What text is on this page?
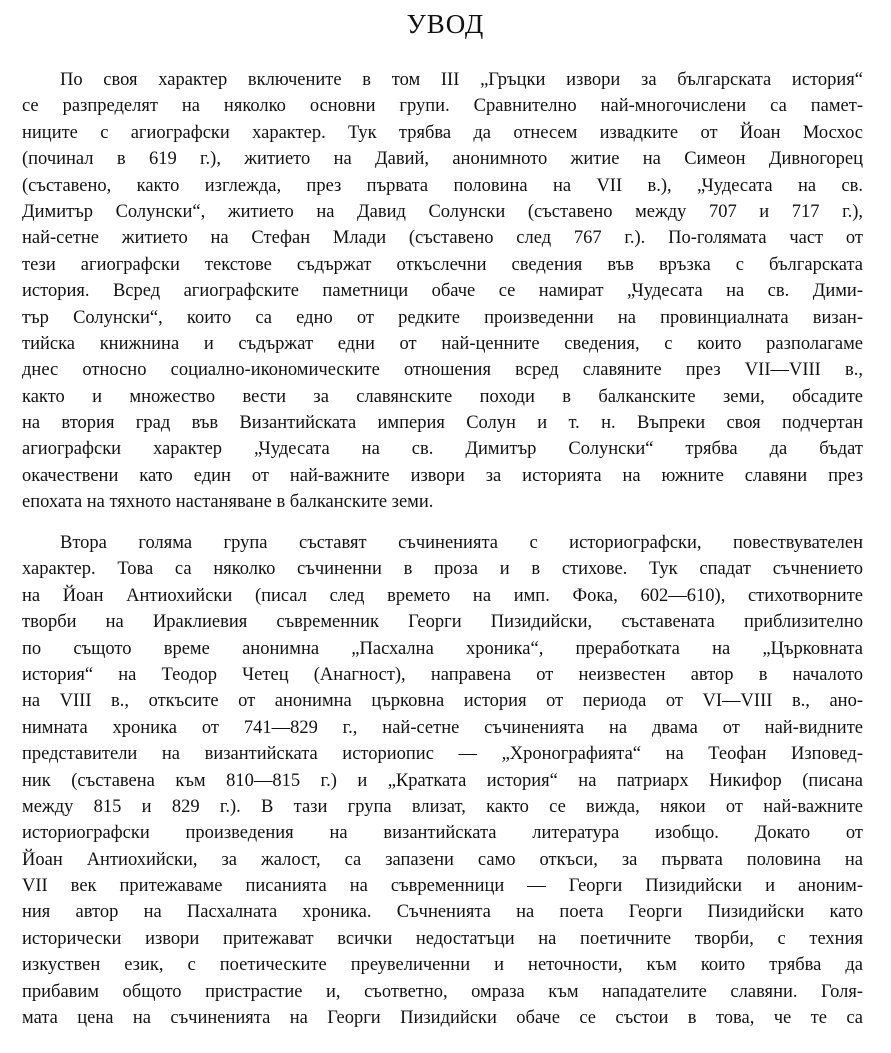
УВОД
По своя характер включените в том III „Гръцки извори за българската история“
се разпределят на няколко основни групи. Сравнително най-многочислени са памет-
ниците с агиографски характер. Тук трябва да отнесем извадките от Йоан Мосхос
(починал в 619 г.), житието на Давий, анонимното житие на Симеон Дивногорец
(съставено, както изглежда, през първата половина на VII в.), „Чудесата на св.
Димитър Солунски“, житието на Давид Солунски (съставено между 707 и 717 г.),
най-сетне житието на Стефан Млади (съставено след 767 г.). По-голямата част от
тези агиографски текстове съдържат откъслечни сведения във връзка с българската
история. Всред агиографските паметници обаче се намират „Чудесата на св. Дими-
тър Солунски“, които са едно от редките произведенни на провинциалната визан-
тийска книжнина и съдържат едни от най-ценните сведения, с които разполагаме
днес относно социално-икономическите отношения всред славяните през VII—VIII в.,
както и множество вести за славянските походи в балканските земи, обсадите
на втория град във Византийската империя Солун и т. н. Въпреки своя подчертан
агиографски характер „Чудесата на св. Димитър Солунски“ трябва да бъдат
окачествени като един от най-важните извори за историята на южните славяни през
епохата на тяхното настаняване в балканските земи.
Втора голяма група съставят съчиненията с историографски, повествувателен
характер. Това са няколко съчиненни в проза и в стихове. Тук спадат съчнението
на Йоан Антиохийски (писал след времето на имп. Фока, 602—610), стихотворните
творби на Ираклиевия съвременник Георги Пизидийски, съставената приблизително
по същото време анонимна „Пасхална хроника“, преработката на „Църковната
история“ на Теодор Четец (Анагност), направена от неизвестен автор в началото
на VIII в., откъсите от анонимна църковна история от периода от VI—VIII в., ано-
нимната хроника от 741—829 г., най-сетне съчиненията на двама от най-видните
представители на византийската историопис — „Хронографията“ на Теофан Изповед-
ник (съставена към 810—815 г.) и „Кратката история“ на патриарх Никифор (писана
между 815 и 829 г.). В тази група влизат, както се вижда, някои от най-важните
историографски произведения на византийската литература изобщо. Докато от
Йоан Антиохийски, за жалост, са запазени само откъси, за първата половина на
VII век притежаваме писанията на съвременници — Георги Пизидийски и аноним-
ния автор на Пасхалната хроника. Съчненията на поета Георги Пизидийски като
исторически извори притежават всички недостатъци на поетичните творби, с техния
изкуствен език, с поетическите преувеличенни и неточности, към които трябва да
прибавим общото пристрастие и, съответно, омраза към нападателите славяни. Голя-
мата цена на съчиненията на Георги Пизидийски обаче се състои в това, че те са
